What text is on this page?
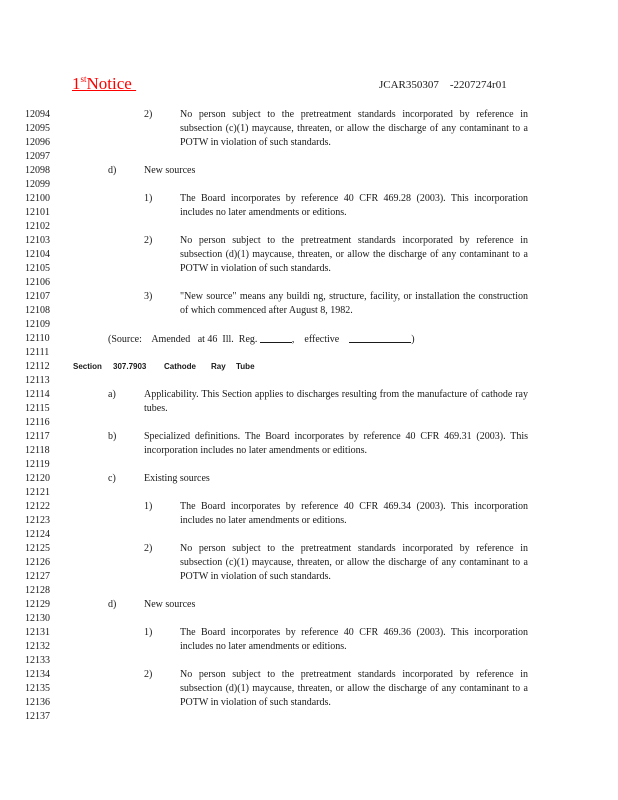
1stNotice	JCAR350307    -2207274r01
12094
12095
12096
12097
12098
12099
12100
12101
12102
12103
12104
12105
12106
12107
12108
12109
12110
12111
12112
12113
12114
12115
12116
12117
12118
12119
12120
12121
12122
12123
12124
12125
12126
12127
12128
12129
12130
12131
12132
12133
12134
12135
12136
12137
2)	No person subject to the pretreatment standards incorporated by reference in subsection (c)(1) maycause, threaten, or allow the discharge of any contaminant to a POTW in violation of such standards.
d)	New sources
1)	The Board incorporates by reference 40 CFR 469.28 (2003). This incorporation includes no later amendments or editions.
2)	No person subject to the pretreatment standards incorporated by reference in subsection (d)(1) maycause, threaten, or allow the discharge of any contaminant to a POTW in violation of such standards.
3)	"New source" means any buildi ng, structure, facility, or installation the construction of which commenced after August 8, 1982.
a)	Applicability. This Section applies to discharges resulting from the manufacture of cathode ray tubes.
b)	Specialized definitions. The Board incorporates by reference 40 CFR 469.31 (2003). This incorporation includes no later amendments or editions.
c)	Existing sources
1)	The Board incorporates by reference 40 CFR 469.34 (2003). This incorporation includes no later amendments or editions.
2)	No person subject to the pretreatment standards incorporated by reference in subsection (c)(1) maycause, threaten, or allow the discharge of any contaminant to a POTW in violation of such standards.
d)	New sources
1)	The Board incorporates by reference 40 CFR 469.36 (2003). This incorporation includes no later amendments or editions.
2)	No person subject to the pretreatment standards incorporated by reference in subsection (d)(1) maycause, threaten, or allow the discharge of any contaminant to a POTW in violation of such standards.
(Source:    Amended   at 46  Ill.  Reg.	,    effective	)
Section 307.7903 Cathode Ray Tube
